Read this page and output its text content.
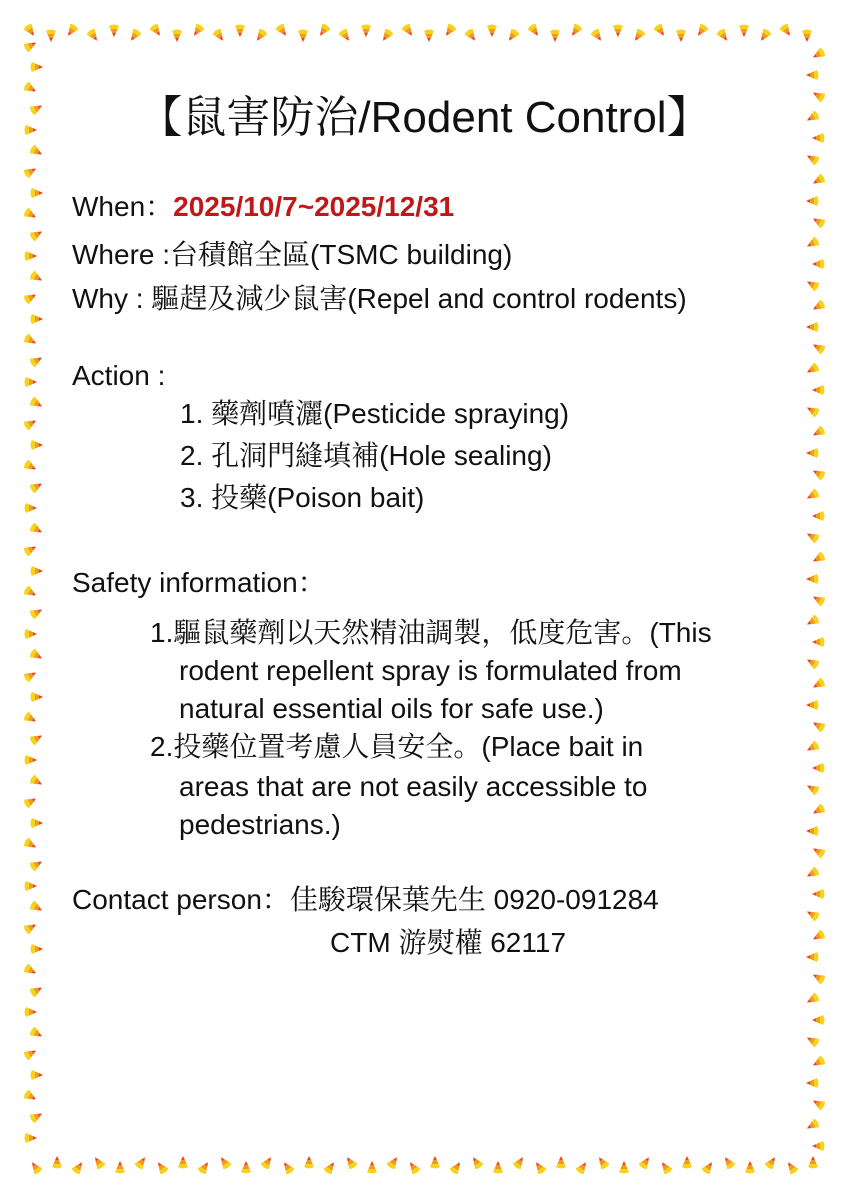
【鼠害防治/Rodent Control】
When：2025/10/7~2025/12/31
Where :台積館全區(TSMC building)
Why : 驅趕及減少鼠害(Repel and control rodents)
Action :
1. 藥劑噴灑(Pesticide spraying)
2. 孔洞門縫填補(Hole sealing)
3. 投藥(Poison bait)
Safety information：
1.驅鼠藥劑以天然精油調製，低度危害。(This
rodent repellent spray is formulated from
natural essential oils for safe use.)
2.投藥位置考慮人員安全。(Place bait in
areas that are not easily accessible to
pedestrians.)
Contact person：佳駿環保葉先生 0920-091284
CTM 游熨權 62117
